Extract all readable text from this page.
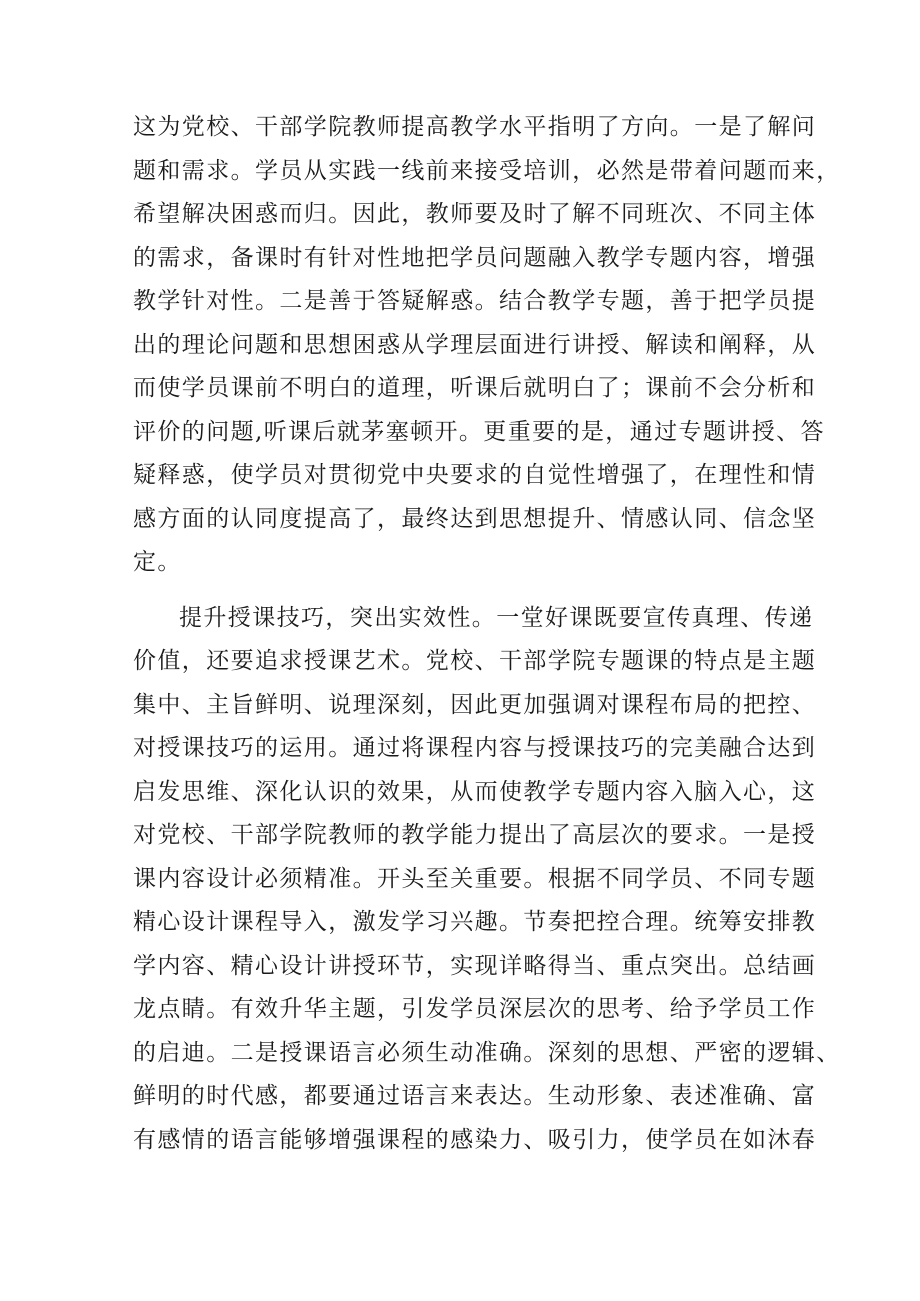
这为党校、干部学院教师提高教学水平指明了方向。一是了解问
题和需求。学员从实践一线前来接受培训，必然是带着问题而来，
希望解决困惑而归。因此，教师要及时了解不同班次、不同主体
的需求，备课时有针对性地把学员问题融入教学专题内容，增强
教学针对性。二是善于答疑解惑。结合教学专题，善于把学员提
出的理论问题和思想困惑从学理层面进行讲授、解读和阐释，从
而使学员课前不明白的道理，听课后就明白了；课前不会分析和
评价的问题,听课后就茅塞顿开。更重要的是，通过专题讲授、答
疑释惑，使学员对贯彻党中央要求的自觉性增强了，在理性和情
感方面的认同度提高了，最终达到思想提升、情感认同、信念坚
定。
提升授课技巧，突出实效性。一堂好课既要宣传真理、传递
价值，还要追求授课艺术。党校、干部学院专题课的特点是主题
集中、主旨鲜明、说理深刻，因此更加强调对课程布局的把控、
对授课技巧的运用。通过将课程内容与授课技巧的完美融合达到
启发思维、深化认识的效果，从而使教学专题内容入脑入心，这
对党校、干部学院教师的教学能力提出了高层次的要求。一是授
课内容设计必须精准。开头至关重要。根据不同学员、不同专题
精心设计课程导入，激发学习兴趣。节奏把控合理。统筹安排教
学内容、精心设计讲授环节，实现详略得当、重点突出。总结画
龙点睛。有效升华主题，引发学员深层次的思考、给予学员工作
的启迪。二是授课语言必须生动准确。深刻的思想、严密的逻辑、
鲜明的时代感，都要通过语言来表达。生动形象、表述准确、富
有感情的语言能够增强课程的感染力、吸引力，使学员在如沐春
